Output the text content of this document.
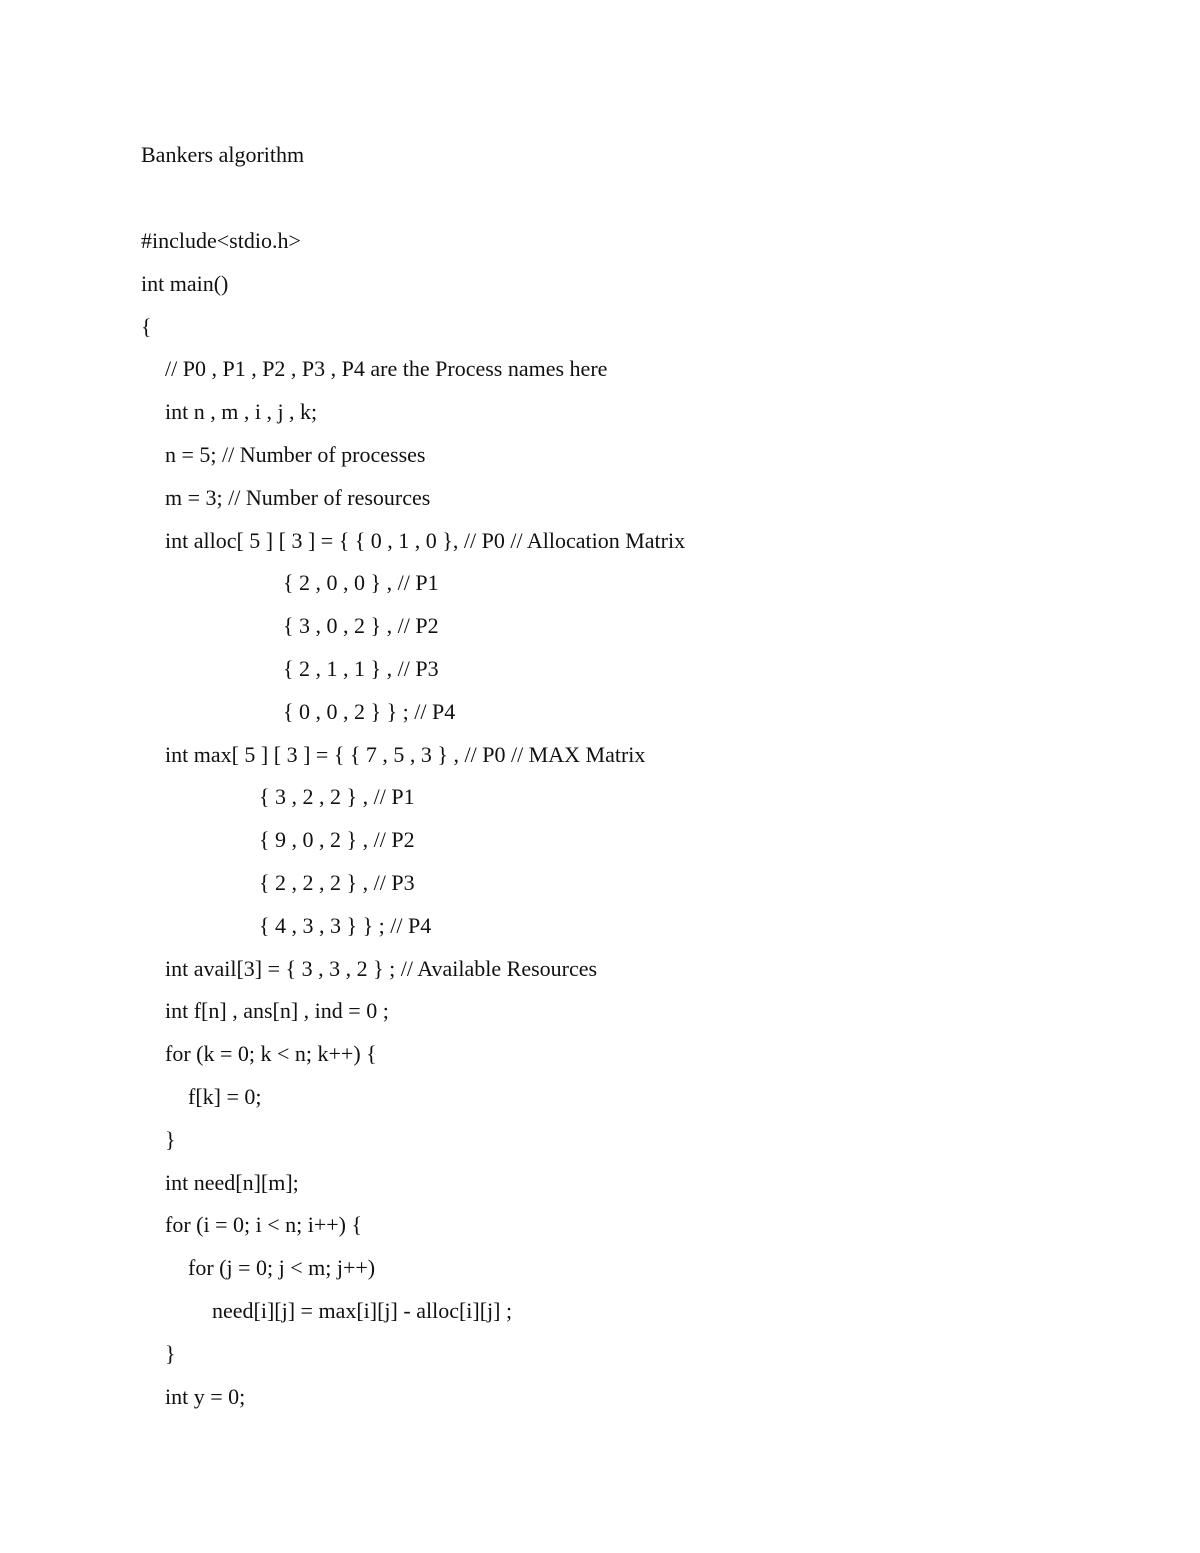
Bankers algorithm
#include<stdio.h>
int main()
{
// P0 , P1 , P2 , P3 , P4 are the Process names here
int n , m , i , j , k;
n = 5; // Number of processes
m = 3; // Number of resources
int alloc[ 5 ] [ 3 ] = { { 0 , 1 , 0 }, // P0 // Allocation Matrix
{ 2 , 0 , 0 } , // P1
{ 3 , 0 , 2 } , // P2
{ 2 , 1 , 1 } , // P3
{ 0 , 0 , 2 } } ; // P4
int max[ 5 ] [ 3 ] = { { 7 , 5 , 3 } , // P0 // MAX Matrix
{ 3 , 2 , 2 } , // P1
{ 9 , 0 , 2 } , // P2
{ 2 , 2 , 2 } , // P3
{ 4 , 3 , 3 } } ; // P4
int avail[3] = { 3 , 3 , 2 } ; // Available Resources
int f[n] , ans[n] , ind = 0 ;
for (k = 0; k < n; k++) {
f[k] = 0;
}
int need[n][m];
for (i = 0; i < n; i++) {
for (j = 0; j < m; j++)
need[i][j] = max[i][j] - alloc[i][j] ;
}
int y = 0;
